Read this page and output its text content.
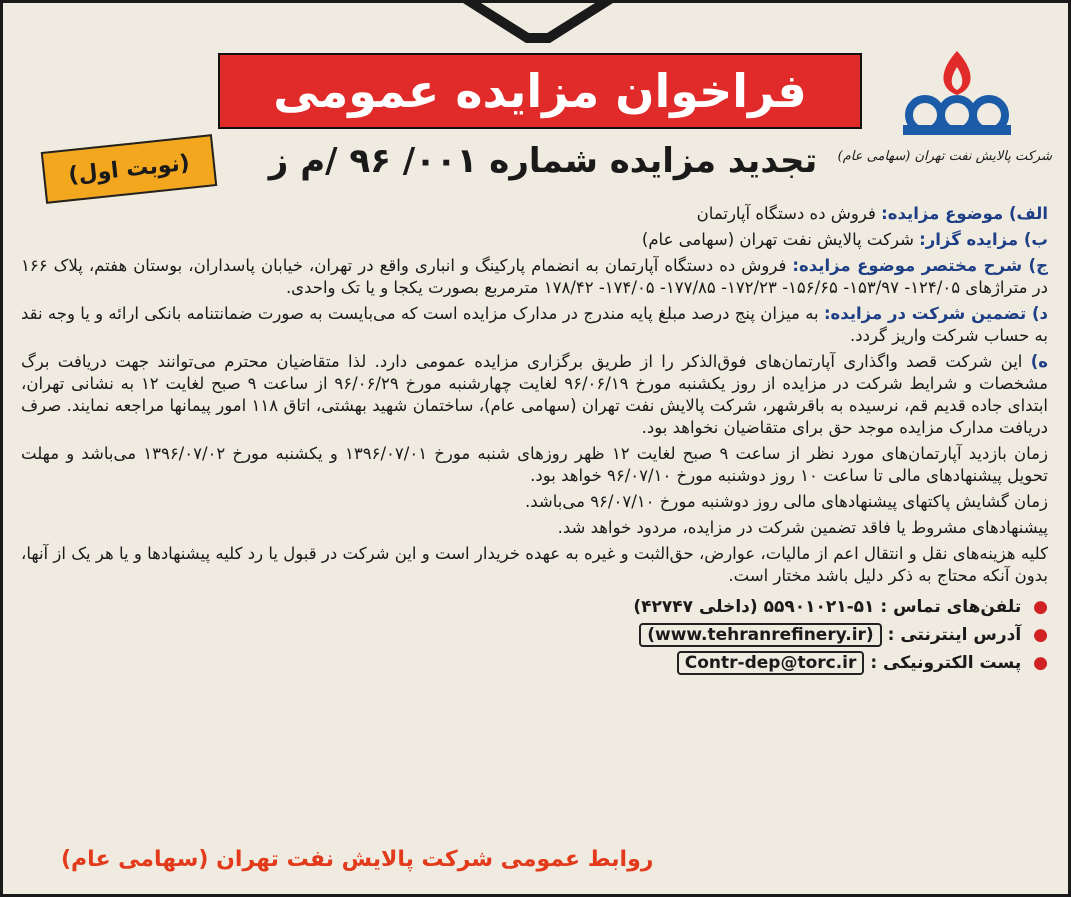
شرکت پالایش نفت تهران (سهامی عام)
فراخوان مزایده عمومی
تجدید مزایده شماره ۰۰۱/ ۹۶ /م ز
(نوبت اول)

الف) موضوع مزایده: فروش ده دستگاه آپارتمان

ب) مزایده گزار: شرکت پالایش نفت تهران (سهامی عام)

ج) شرح مختصر موضوع مزایده: فروش ده دستگاه آپارتمان به انضمام پارکینگ و انباری واقع در تهران، خیابان پاسداران، بوستان هفتم، پلاک ۱۶۶ در متراژهای ۱۲۴/۰۵- ۱۵۳/۹۷- ۱۵۶/۶۵- ۱۷۲/۲۳- ۱۷۷/۸۵- ۱۷۴/۰۵- ۱۷۸/۴۲ مترمربع بصورت یکجا و یا تک واحدی.

د) تضمین شرکت در مزایده: به میزان پنج درصد مبلغ پایه مندرج در مدارک مزایده است که می‌بایست به صورت ضمانتنامه بانکی ارائه و یا وجه نقد به حساب شرکت واریز گردد.

ه) این شرکت قصد واگذاری آپارتمان‌های فوق‌الذکر را از طریق برگزاری مزایده عمومی دارد. لذا متقاضیان محترم می‌توانند جهت دریافت برگ مشخصات و شرایط شرکت در مزایده از روز یکشنبه مورخ ۹۶/۰۶/۱۹ لغایت چهارشنبه مورخ ۹۶/۰۶/۲۹ از ساعت ۹ صبح لغایت ۱۲ به نشانی تهران، ابتدای جاده قدیم قم، نرسیده به باقرشهر، شرکت پالایش نفت تهران (سهامی عام)، ساختمان شهید بهشتی، اتاق ۱۱۸ امور پیمانها مراجعه نمایند. صرف دریافت مدارک مزایده موجد حق برای متقاضیان نخواهد بود.

زمان بازدید آپارتمان‌های مورد نظر از ساعت ۹ صبح لغایت ۱۲ ظهر روزهای شنبه مورخ ۱۳۹۶/۰۷/۰۱ و یکشنبه مورخ ۱۳۹۶/۰۷/۰۲ می‌باشد و مهلت تحویل پیشنهادهای مالی تا ساعت ۱۰ روز دوشنبه مورخ ۹۶/۰۷/۱۰ خواهد بود.

زمان گشایش پاکتهای پیشنهادهای مالی روز دوشنبه مورخ ۹۶/۰۷/۱۰ می‌باشد.

پیشنهادهای مشروط یا فاقد تضمین شرکت در مزایده، مردود خواهد شد.

کلیه هزینه‌های نقل و انتقال اعم از مالیات، عوارض، حق‌الثبت و غیره به عهده خریدار است و این شرکت در قبول یا رد کلیه پیشنهادها و یا هر یک از آنها، بدون آنکه محتاج به ذکر دلیل باشد مختار است.

● تلفن‌های تماس : ۵۱-۵۵۹۰۱۰۲۱ (داخلی ۴۲۷۴۷)
● آدرس اینترنتی : (www.tehranrefinery.ir)
● پست الکترونیکی : Contr-dep@torc.ir
روابط عمومی شرکت پالایش نفت تهران (سهامی عام)
